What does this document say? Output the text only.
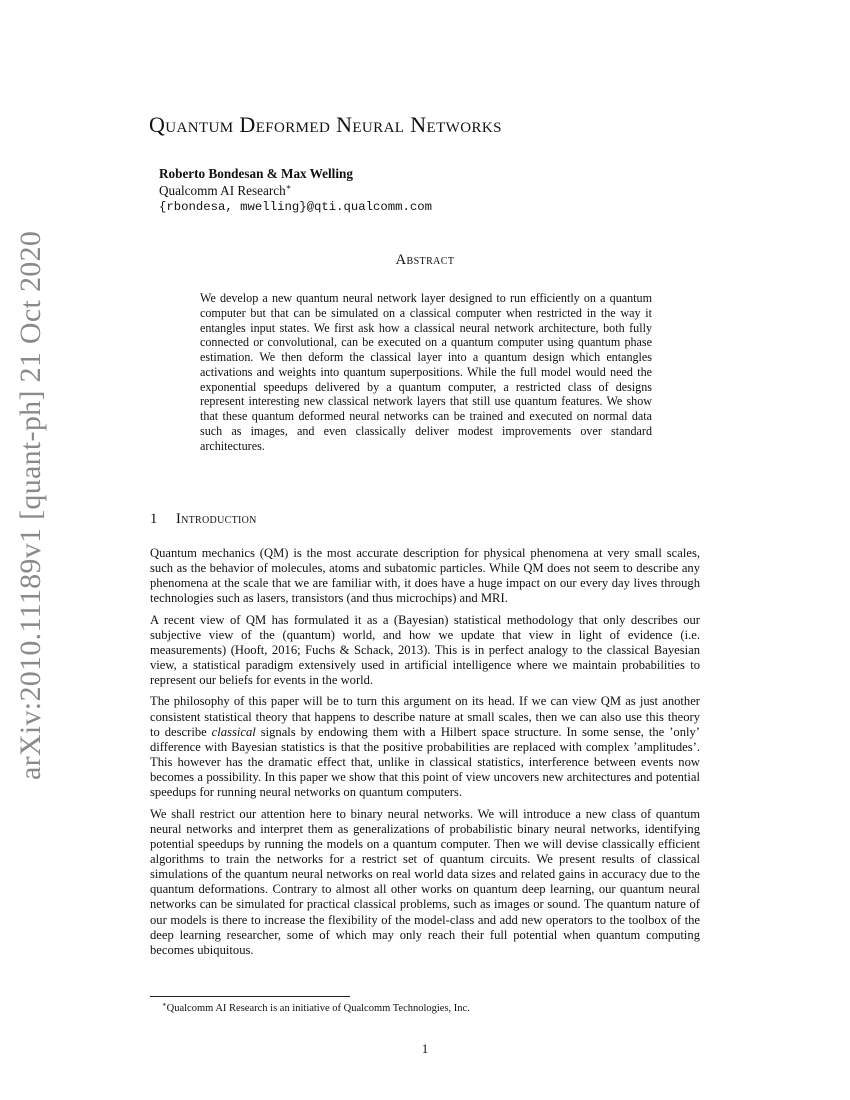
arXiv:2010.11189v1 [quant-ph] 21 Oct 2020
Quantum Deformed Neural Networks
Roberto Bondesan & Max Welling
Qualcomm AI Research∗
{rbondesa, mwelling}@qti.qualcomm.com
Abstract

We develop a new quantum neural network layer designed to run efficiently on a quantum computer but that can be simulated on a classical computer when restricted in the way it entangles input states. We first ask how a classical neural network architecture, both fully connected or convolutional, can be executed on a quantum computer using quantum phase estimation. We then deform the classical layer into a quantum design which entangles activations and weights into quantum superpositions. While the full model would need the exponential speedups delivered by a quantum computer, a restricted class of designs represent interesting new classical network layers that still use quantum features. We show that these quantum deformed neural networks can be trained and executed on normal data such as images, and even classically deliver modest improvements over standard architectures.

1 Introduction

Quantum mechanics (QM) is the most accurate description for physical phenomena at very small scales, such as the behavior of molecules, atoms and subatomic particles. While QM does not seem to describe any phenomena at the scale that we are familiar with, it does have a huge impact on our every day lives through technologies such as lasers, transistors (and thus microchips) and MRI.

A recent view of QM has formulated it as a (Bayesian) statistical methodology that only describes our subjective view of the (quantum) world, and how we update that view in light of evidence (i.e. measurements) (Hooft, 2016; Fuchs & Schack, 2013). This is in perfect analogy to the classical Bayesian view, a statistical paradigm extensively used in artificial intelligence where we maintain probabilities to represent our beliefs for events in the world.

The philosophy of this paper will be to turn this argument on its head. If we can view QM as just another consistent statistical theory that happens to describe nature at small scales, then we can also use this theory to describe classical signals by endowing them with a Hilbert space structure. In some sense, the ’only’ difference with Bayesian statistics is that the positive probabilities are replaced with complex ’amplitudes’. This however has the dramatic effect that, unlike in classical statistics, interference between events now becomes a possibility. In this paper we show that this point of view uncovers new architectures and potential speedups for running neural networks on quantum computers.

We shall restrict our attention here to binary neural networks. We will introduce a new class of quantum neural networks and interpret them as generalizations of probabilistic binary neural networks, identifying potential speedups by running the models on a quantum computer. Then we will devise classically efficient algorithms to train the networks for a restrict set of quantum circuits. We present results of classical simulations of the quantum neural networks on real world data sizes and related gains in accuracy due to the quantum deformations. Contrary to almost all other works on quantum deep learning, our quantum neural networks can be simulated for practical classical problems, such as images or sound. The quantum nature of our models is there to increase the flexibility of the model-class and add new operators to the toolbox of the deep learning researcher, some of which may only reach their full potential when quantum computing becomes ubiquitous.

∗Qualcomm AI Research is an initiative of Qualcomm Technologies, Inc.
1
